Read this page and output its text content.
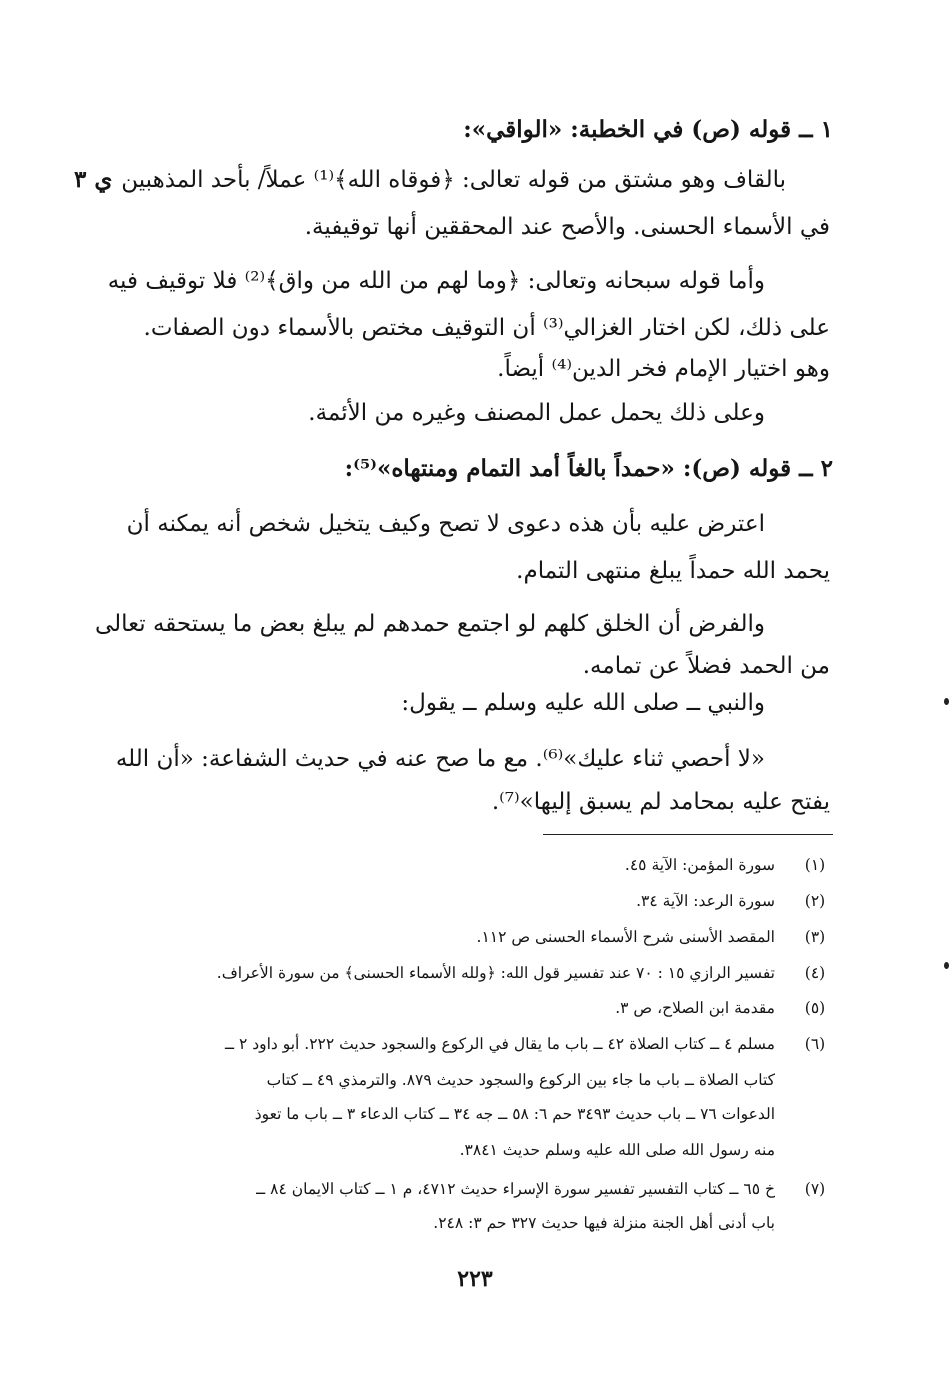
ي ٣
١ ــ قوله (ص) في الخطبة: «الواقي»:
بالقاف وهو مشتق من قوله تعالى: ﴿فوقاه الله﴾⁽¹⁾ عملاً/ بأحد المذهبين
في الأسماء الحسنى. والأصح عند المحققين أنها توقيفية.
وأما قوله سبحانه وتعالى: ﴿وما لهم من الله من واق﴾⁽²⁾ فلا توقيف فيه
على ذلك، لكن اختار الغزالي⁽³⁾ أن التوقيف مختص بالأسماء دون الصفات.
وهو اختيار الإمام فخر الدين⁽⁴⁾ أيضاً.
وعلى ذلك يحمل عمل المصنف وغيره من الأئمة.
٢ ــ قوله (ص): «حمداً بالغاً أمد التمام ومنتهاه»⁽⁵⁾:
اعترض عليه بأن هذه دعوى لا تصح وكيف يتخيل شخص أنه يمكنه أن
يحمد الله حمداً يبلغ منتهى التمام.
والفرض أن الخلق كلهم لو اجتمع حمدهم لم يبلغ بعض ما يستحقه تعالى
من الحمد فضلاً عن تمامه.
والنبي ــ صلى الله عليه وسلم ــ يقول:
«لا أحصي ثناء عليك»⁽⁶⁾. مع ما صح عنه في حديث الشفاعة: «أن الله
يفتح عليه بمحامد لم يسبق إليها»⁽⁷⁾.
(١)
سورة المؤمن: الآية ٤٥.
(٢)
سورة الرعد: الآية ٣٤.
(٣)
المقصد الأسنى شرح الأسماء الحسنى ص ١١٢.
(٤)
تفسير الرازي ١٥ : ٧٠ عند تفسير قول الله: ﴿ولله الأسماء الحسنى﴾ من سورة الأعراف.
(٥)
مقدمة ابن الصلاح، ص ٣.
(٦)
مسلم ٤ ــ كتاب الصلاة ٤٢ ــ باب ما يقال في الركوع والسجود حديث ٢٢٢. أبو داود ٢ ــ
كتاب الصلاة ــ باب ما جاء بين الركوع والسجود حديث ٨٧٩. والترمذي ٤٩ ــ كتاب
الدعوات ٧٦ ــ باب حديث ٣٤٩٣ حم ٦: ٥٨ ــ جه ٣٤ ــ كتاب الدعاء ٣ ــ باب ما تعوذ
منه رسول الله صلى الله عليه وسلم حديث ٣٨٤١.
(٧)
خ ٦٥ ــ كتاب التفسير تفسير سورة الإسراء حديث ٤٧١٢، م ١ ــ كتاب الايمان ٨٤ ــ
باب أدنى أهل الجنة منزلة فيها حديث ٣٢٧ حم ٣: ٢٤٨.
٢٢٣
